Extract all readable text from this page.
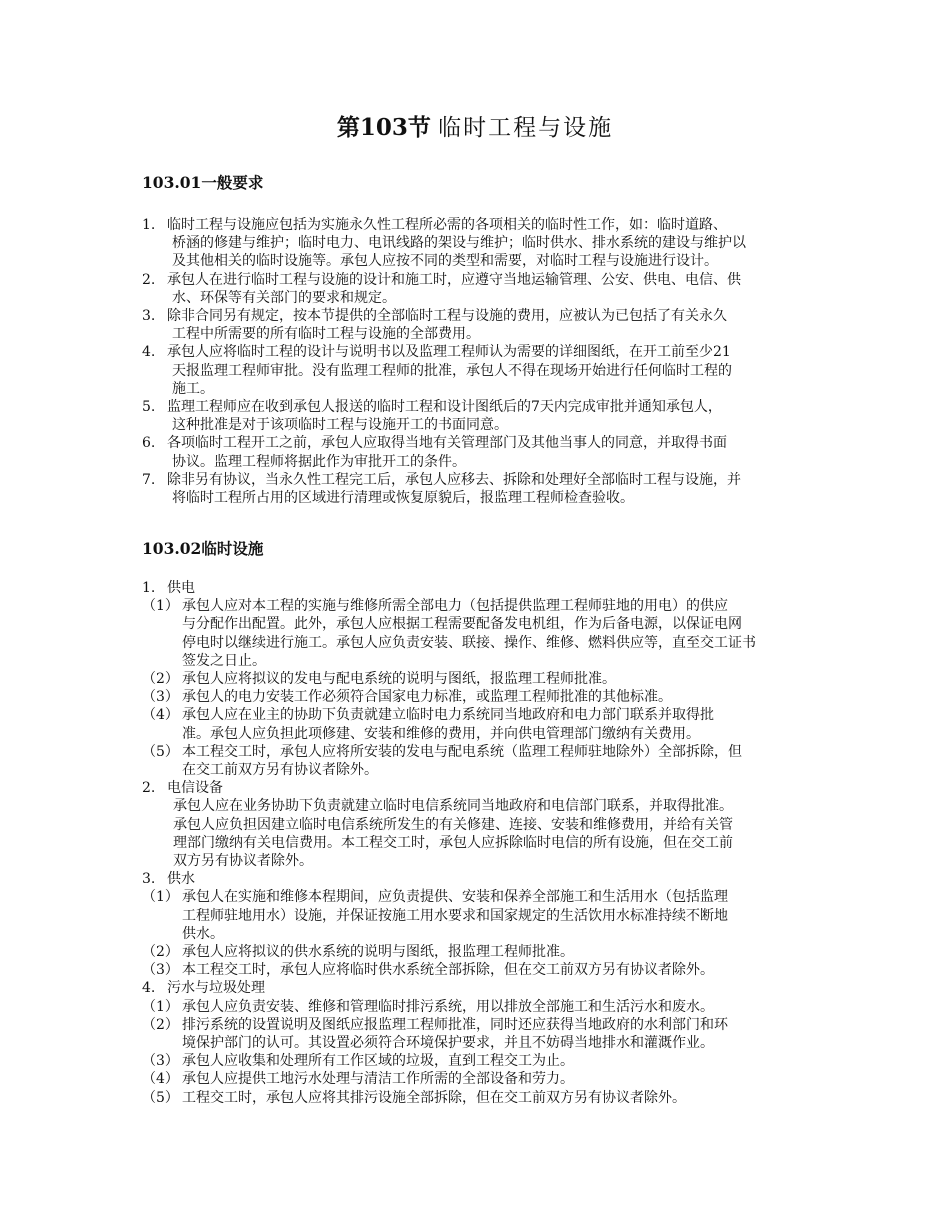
第103节 临时工程与设施
103.01一般要求
1. 临时工程与设施应包括为实施永久性工程所必需的各项相关的临时性工作，如：临时道路、
桥涵的修建与维护；临时电力、电讯线路的架设与维护；临时供水、排水系统的建设与维护以
及其他相关的临时设施等。承包人应按不同的类型和需要，对临时工程与设施进行设计。
2. 承包人在进行临时工程与设施的设计和施工时，应遵守当地运输管理、公安、供电、电信、供
水、环保等有关部门的要求和规定。
3. 除非合同另有规定，按本节提供的全部临时工程与设施的费用，应被认为已包括了有关永久
工程中所需要的所有临时工程与设施的全部费用。
4. 承包人应将临时工程的设计与说明书以及监理工程师认为需要的详细图纸，在开工前至少21
天报监理工程师审批。没有监理工程师的批准，承包人不得在现场开始进行任何临时工程的
施工。
5. 监理工程师应在收到承包人报送的临时工程和设计图纸后的7天内完成审批并通知承包人，
这种批准是对于该项临时工程与设施开工的书面同意。
6. 各项临时工程开工之前，承包人应取得当地有关管理部门及其他当事人的同意，并取得书面
协议。监理工程师将据此作为审批开工的条件。
7. 除非另有协议，当永久性工程完工后，承包人应移去、拆除和处理好全部临时工程与设施，并
将临时工程所占用的区域进行清理或恢复原貌后，报监理工程师检查验收。
103.02临时设施
1. 供电
（1） 承包人应对本工程的实施与维修所需全部电力（包括提供监理工程师驻地的用电）的供应
与分配作出配置。此外，承包人应根据工程需要配备发电机组，作为后备电源，以保证电网
停电时以继续进行施工。承包人应负责安装、联接、操作、维修、燃料供应等，直至交工证书
签发之日止。
（2） 承包人应将拟议的发电与配电系统的说明与图纸，报监理工程师批准。
（3） 承包人的电力安装工作必须符合国家电力标准，或监理工程师批准的其他标准。
（4） 承包人应在业主的协助下负责就建立临时电力系统同当地政府和电力部门联系并取得批
准。承包人应负担此项修建、安装和维修的费用，并向供电管理部门缴纳有关费用。
（5） 本工程交工时，承包人应将所安装的发电与配电系统（监理工程师驻地除外）全部拆除，但
在交工前双方另有协议者除外。
2. 电信设备
承包人应在业务协助下负责就建立临时电信系统同当地政府和电信部门联系，并取得批准。
承包人应负担因建立临时电信系统所发生的有关修建、连接、安装和维修费用，并给有关管
理部门缴纳有关电信费用。本工程交工时，承包人应拆除临时电信的所有设施，但在交工前
双方另有协议者除外。
3. 供水
（1） 承包人在实施和维修本程期间，应负责提供、安装和保养全部施工和生活用水（包括监理
工程师驻地用水）设施，并保证按施工用水要求和国家规定的生活饮用水标准持续不断地
供水。
（2） 承包人应将拟议的供水系统的说明与图纸，报监理工程师批准。
（3） 本工程交工时，承包人应将临时供水系统全部拆除，但在交工前双方另有协议者除外。
4. 污水与垃圾处理
（1） 承包人应负责安装、维修和管理临时排污系统，用以排放全部施工和生活污水和废水。
（2） 排污系统的设置说明及图纸应报监理工程师批准，同时还应获得当地政府的水利部门和环
境保护部门的认可。其设置必须符合环境保护要求，并且不妨碍当地排水和灌溉作业。
（3） 承包人应收集和处理所有工作区域的垃圾，直到工程交工为止。
（4） 承包人应提供工地污水处理与清洁工作所需的全部设备和劳力。
（5） 工程交工时，承包人应将其排污设施全部拆除，但在交工前双方另有协议者除外。
